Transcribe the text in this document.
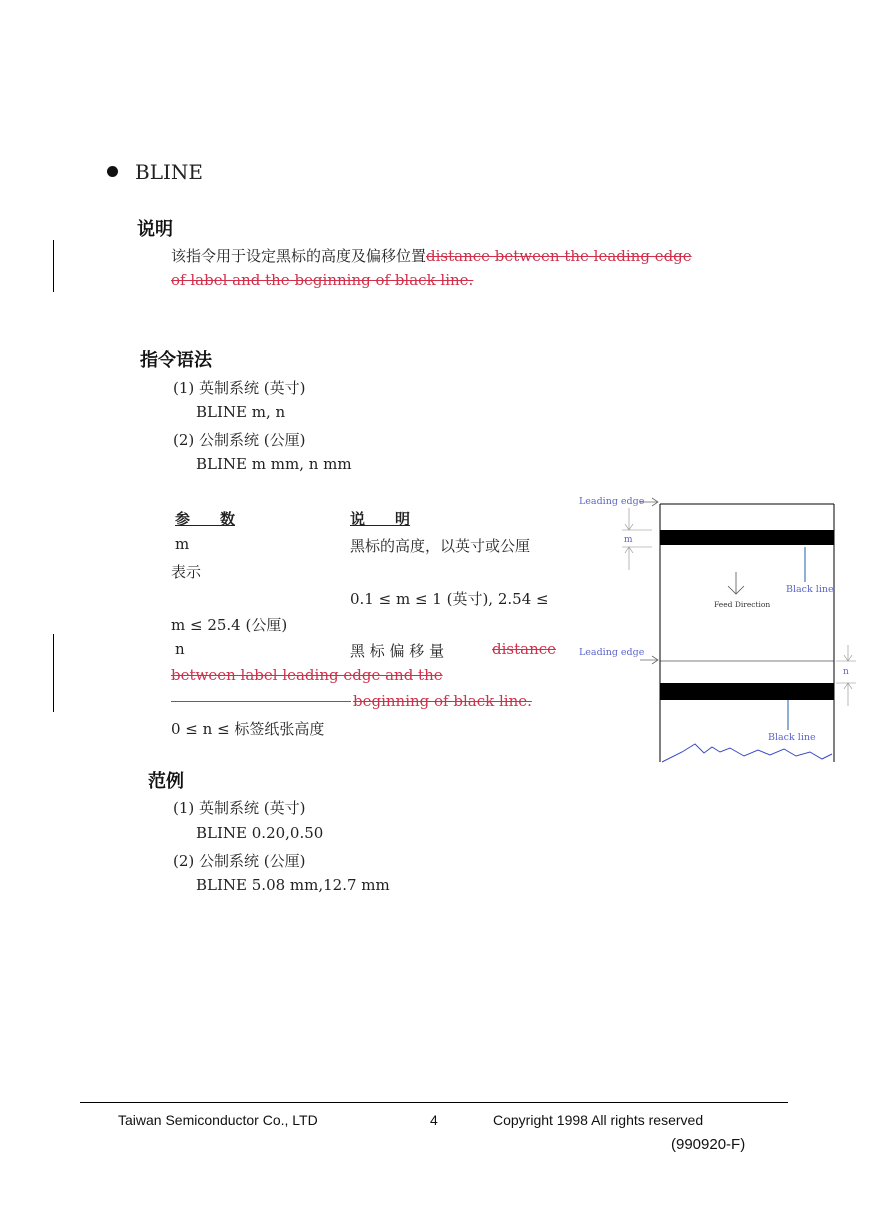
BLINE
说明
该指令用于设定黑标的高度及偏移位置distance between the leading edge
of label and the beginning of black line.
指令语法
(1) 英制系统 (英寸)
BLINE m, n
(2) 公制系统 (公厘)
BLINE m mm, n mm
参　　数	说　　明
m	黑标的高度，以英寸或公厘
表示
0.1 ≤ m ≤ 1 (英寸), 2.54 ≤
m ≤ 25.4 (公厘)
n	黑 标 偏 移 量	distance
between label leading edge and the
beginning of black line.
0 ≤ n ≤ 标签纸张高度
Leading edge
m
Black line
Feed Direction
Leading edge
n
Black line
范例
(1) 英制系统 (英寸)
BLINE 0.20,0.50
(2) 公制系统 (公厘)
BLINE 5.08 mm,12.7 mm
Taiwan Semiconductor Co., LTD	4	Copyright 1998 All rights reserved
(990920-F)
